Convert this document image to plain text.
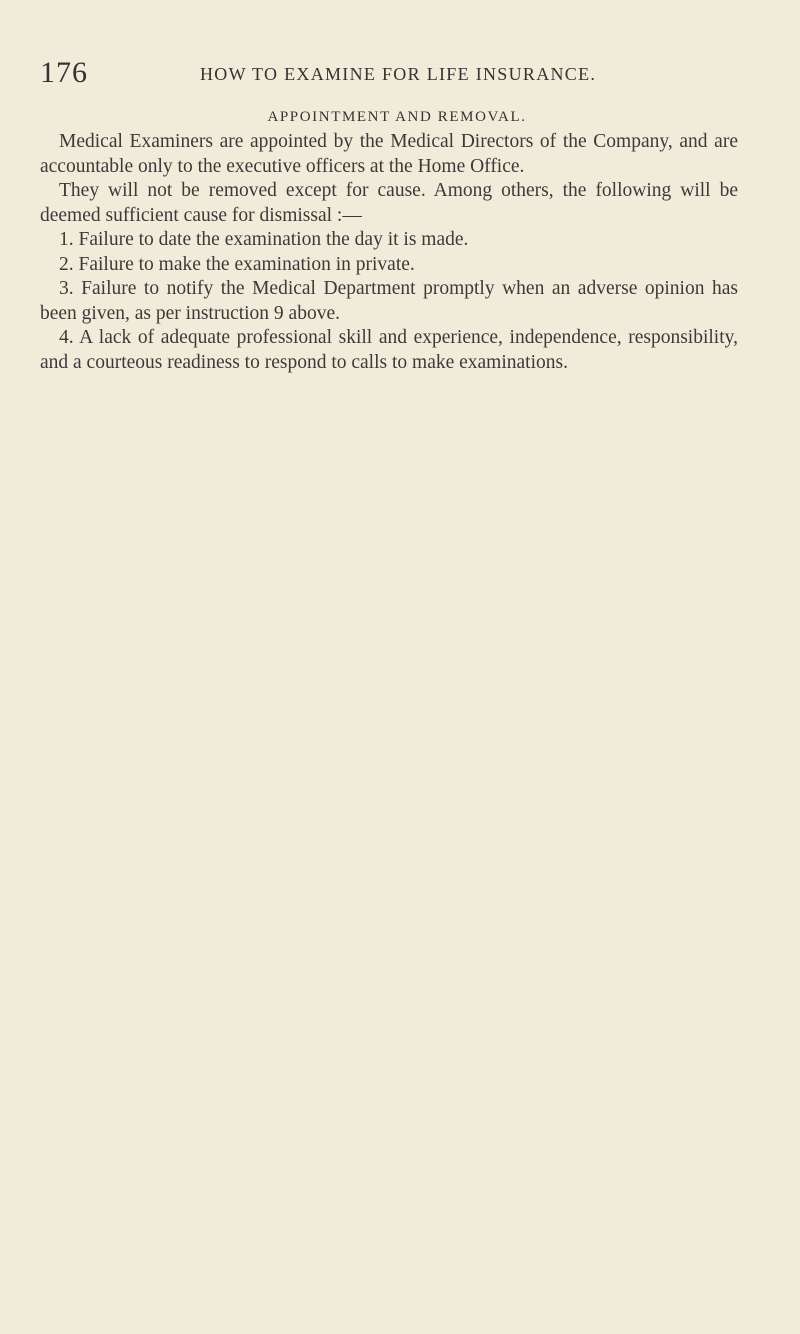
176	HOW TO EXAMINE FOR LIFE INSURANCE.
APPOINTMENT AND REMOVAL.

Medical Examiners are appointed by the Medical Directors of the Company, and are accountable only to the executive officers at the Home Office.

They will not be removed except for cause. Among others, the following will be deemed sufficient cause for dismissal :—

1. Failure to date the examination the day it is made.

2. Failure to make the examination in private.

3. Failure to notify the Medical Department promptly when an adverse opinion has been given, as per instruction 9 above.

4. A lack of adequate professional skill and experience, independence, responsibility, and a courteous readiness to respond to calls to make examinations.
